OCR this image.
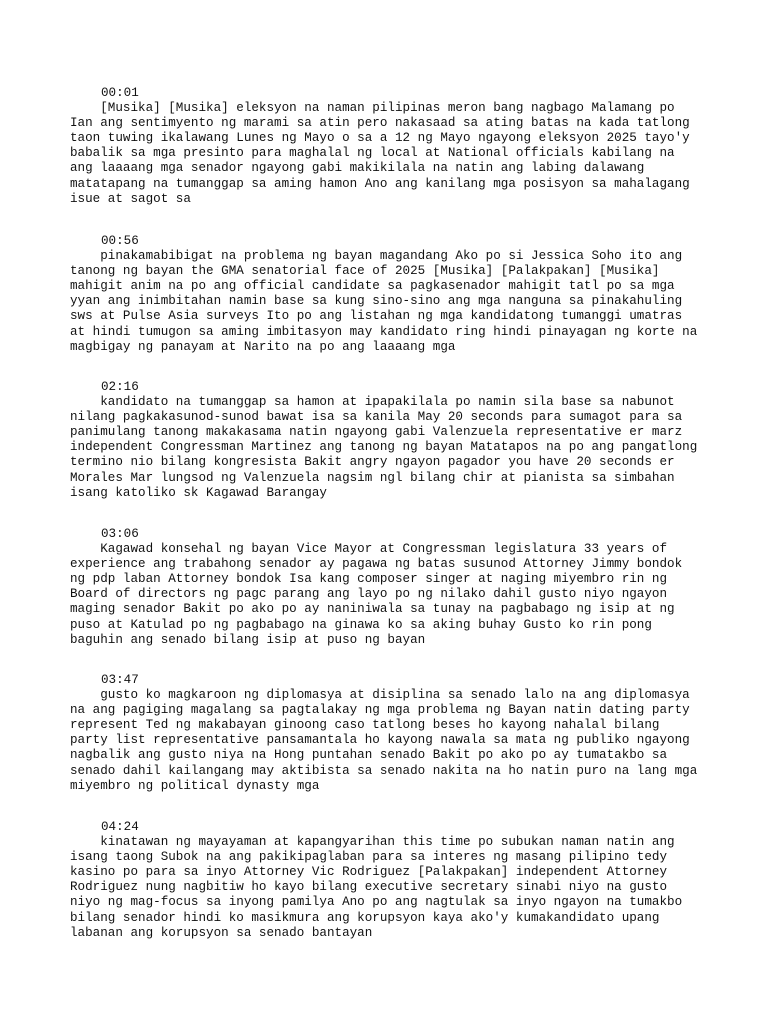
00:01
[Musika] [Musika] eleksyon na naman pilipinas meron bang nagbago Malamang po
Ian ang sentimyento ng marami sa atin pero nakasaad sa ating batas na kada tatlong
taon tuwing ikalawang Lunes ng Mayo o sa a 12 ng Mayo ngayong eleksyon 2025 tayo'y
babalik sa mga presinto para maghalal ng local at National officials kabilang na
ang laaaang mga senador ngayong gabi makikilala na natin ang labing dalawang
matatapang na tumanggap sa aming hamon Ano ang kanilang mga posisyon sa mahalagang
isue at sagot sa
00:56
pinakamabibigat na problema ng bayan magandang Ako po si Jessica Soho ito ang
tanong ng bayan the GMA senatorial face of 2025 [Musika] [Palakpakan] [Musika]
mahigit anim na po ang official candidate sa pagkasenador mahigit tatl po sa mga
yyan ang inimbitahan namin base sa kung sino-sino ang mga nanguna sa pinakahuling
sws at Pulse Asia surveys Ito po ang listahan ng mga kandidatong tumanggi umatras
at hindi tumugon sa aming imbitasyon may kandidato ring hindi pinayagan ng korte na
magbigay ng panayam at Narito na po ang laaaang mga
02:16
kandidato na tumanggap sa hamon at ipapakilala po namin sila base sa nabunot
nilang pagkakasunod-sunod bawat isa sa kanila May 20 seconds para sumagot para sa
panimulang tanong makakasama natin ngayong gabi Valenzuela representative er marz
independent Congressman Martinez ang tanong ng bayan Matatapos na po ang pangatlong
termino nio bilang kongresista Bakit angry ngayon pagador you have 20 seconds er
Morales Mar lungsod ng Valenzuela nagsim ngl bilang chir at pianista sa simbahan
isang katoliko sk Kagawad Barangay
03:06
Kagawad konsehal ng bayan Vice Mayor at Congressman legislatura 33 years of
experience ang trabahong senador ay pagawa ng batas susunod Attorney Jimmy bondok
ng pdp laban Attorney bondok Isa kang composer singer at naging miyembro rin ng
Board of directors ng pagc parang ang layo po ng nilako dahil gusto niyo ngayon
maging senador Bakit po ako po ay naniniwala sa tunay na pagbabago ng isip at ng
puso at Katulad po ng pagbabago na ginawa ko sa aking buhay Gusto ko rin pong
baguhin ang senado bilang isip at puso ng bayan
03:47
gusto ko magkaroon ng diplomasya at disiplina sa senado lalo na ang diplomasya
na ang pagiging magalang sa pagtalakay ng mga problema ng Bayan natin dating party
represent Ted ng makabayan ginoong caso tatlong beses ho kayong nahalal bilang
party list representative pansamantala ho kayong nawala sa mata ng publiko ngayong
nagbalik ang gusto niya na Hong puntahan senado Bakit po ako po ay tumatakbo sa
senado dahil kailangang may aktibista sa senado nakita na ho natin puro na lang mga
miyembro ng political dynasty mga
04:24
kinatawan ng mayayaman at kapangyarihan this time po subukan naman natin ang
isang taong Subok na ang pakikipaglaban para sa interes ng masang pilipino tedy
kasino po para sa inyo Attorney Vic Rodriguez [Palakpakan] independent Attorney
Rodriguez nung nagbitiw ho kayo bilang executive secretary sinabi niyo na gusto
niyo ng mag-focus sa inyong pamilya Ano po ang nagtulak sa inyo ngayon na tumakbo
bilang senador hindi ko masikmura ang korupsyon kaya ako'y kumakandidato upang
labanan ang korupsyon sa senado bantayan
